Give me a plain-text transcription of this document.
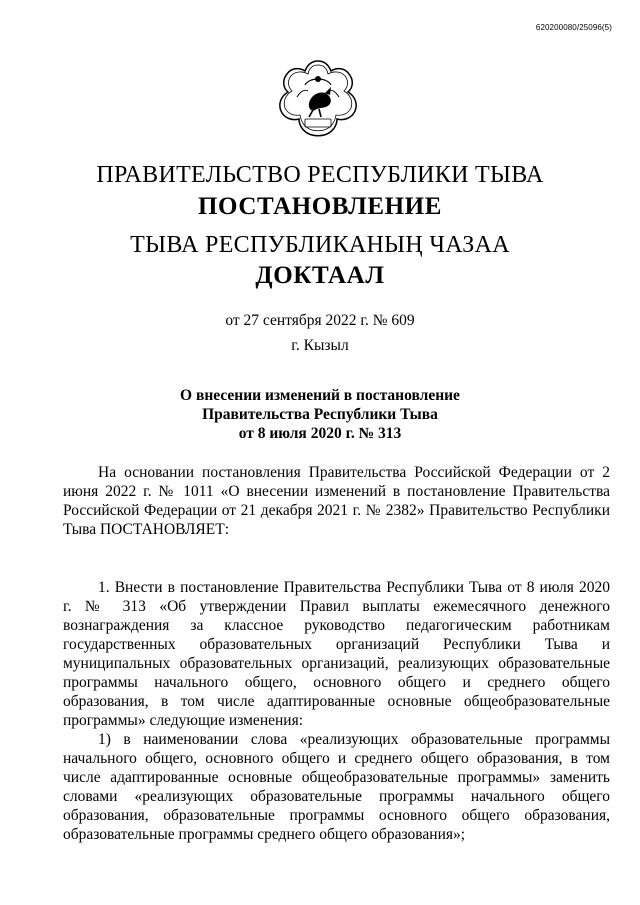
620200080/25096(5)
ПРАВИТЕЛЬСТВО РЕСПУБЛИКИ ТЫВА
ПОСТАНОВЛЕНИЕ
ТЫВА РЕСПУБЛИКАНЫҢ ЧАЗАА
ДОКТААЛ
от 27 сентября 2022 г. № 609
г. Кызыл
О внесении изменений в постановление
Правительства Республики Тыва
от 8 июля 2020 г. № 313

На основании постановления Правительства Российской Федерации от 2 июня 2022 г. № 1011 «О внесении изменений в постановление Правительства Российской Федерации от 21 декабря 2021 г. № 2382» Правительство Республики Тыва ПОСТАНОВЛЯЕТ:

1. Внести в постановление Правительства Республики Тыва от 8 июля 2020 г. № 313 «Об утверждении Правил выплаты ежемесячного денежного вознаграждения за классное руководство педагогическим работникам государственных образовательных организаций Республики Тыва и муниципальных образовательных организаций, реализующих образовательные программы начального общего, основного общего и среднего общего образования, в том числе адаптированные основные общеобразовательные программы» следующие изменения:

1) в наименовании слова «реализующих образовательные программы начального общего, основного общего и среднего общего образования, в том числе адаптированные основные общеобразовательные программы» заменить словами «реализующих образовательные программы начального общего образования, образовательные программы основного общего образования, образовательные программы среднего общего образования»;
